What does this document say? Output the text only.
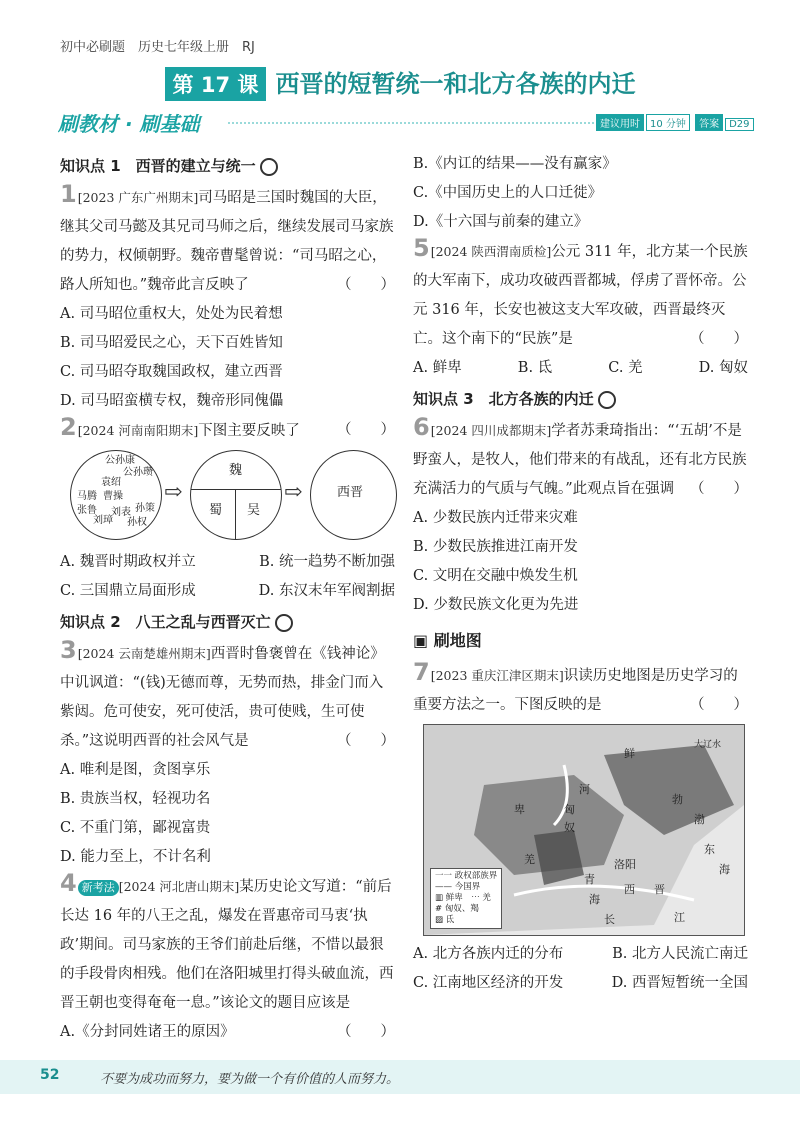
初中必刷题　历史七年级上册　RJ
第 17 课 西晋的短暂统一和北方各族的内迁
刷教材 · 刷基础	建议用时 10 分钟 答案 D29
知识点 1　西晋的建立与统一
1[2023 广东广州期末]司马昭是三国时魏国的大臣，继其父司马懿及其兄司马师之后，继续发展司马家族的势力，权倾朝野。魏帝曹髦曾说：“司马昭之心，路人所知也。”魏帝此言反映了	（　　）
A. 司马昭位重权大，处处为民着想
B. 司马昭爱民之心，天下百姓皆知
C. 司马昭夺取魏国政权，建立西晋
D. 司马昭蛮横专权，魏帝形同傀儡
2[2024 河南南阳期末]下图主要反映了	（　　）
公孙康
公孙瓒
袁绍
马腾 曹操
张鲁
刘璋
刘表
孙权
孙策
⇨
魏
蜀 吴
⇨	西晋
A. 魏晋时期政权并立	B. 统一趋势不断加强
C. 三国鼎立局面形成	D. 东汉末年军阀割据
知识点 2　八王之乱与西晋灭亡
3[2024 云南楚雄州期末]西晋时鲁褒曾在《钱神论》中讥讽道：“(钱)无德而尊，无势而热，排金门而入紫闼。危可使安，死可使活，贵可使贱，生可使杀。”这说明西晋的社会风气是	（　　）
A. 唯利是图，贪图享乐
B. 贵族当权，轻视功名
C. 不重门第，鄙视富贵
D. 能力至上，不计名利
4 新考法 [2024 河北唐山期末]某历史论文写道：“前后长达 16 年的八王之乱，爆发在晋惠帝司马衷‘执政’期间。司马家族的王爷们前赴后继，不惜以最狠的手段骨肉相残。他们在洛阳城里打得头破血流，西晋王朝也变得奄奄一息。”该论文的题目应该是
（　　）
A.《分封同姓诸王的原因》
B.《内讧的结果——没有赢家》
C.《中国历史上的人口迁徙》
D.《十六国与前秦的建立》
5[2024 陕西渭南质检]公元 311 年，北方某一个民族的大军南下，成功攻破西晋都城，俘虏了晋怀帝。公元 316 年，长安也被这支大军攻破，西晋最终灭亡。这个南下的“民族”是	（　　）
A. 鲜卑	B. 氐	C. 羌	D. 匈奴
知识点 3　北方各族的内迁
6[2024 四川成都期末]学者苏秉琦指出：“‘五胡’不是野蛮人，是牧人，他们带来的有战乱，还有北方民族充满活力的气质与气魄。”此观点旨在强调 （　　）
A. 少数民族内迁带来灾难
B. 少数民族推进江南开发
C. 文明在交融中焕发生机
D. 少数民族文化更为先进
▣ 刷地图
7[2023 重庆江津区期末]识读历史地图是历史学习的重要方法之一。下图反映的是	（　　）
鲜
卑
大辽水
河
勃
东
匈
奴
渤
海
羌	洛阳
青
海
西 晋
长	江
一一 政权部族界
—— 今国界
▥ 鲜卑　⋯ 羌
# 匈奴、羯
▨ 氐
A. 北方各族内迁的分布	B. 北方人民流亡南迁
C. 江南地区经济的开发	D. 西晋短暂统一全国
52	不要为成功而努力，要为做一个有价值的人而努力。
